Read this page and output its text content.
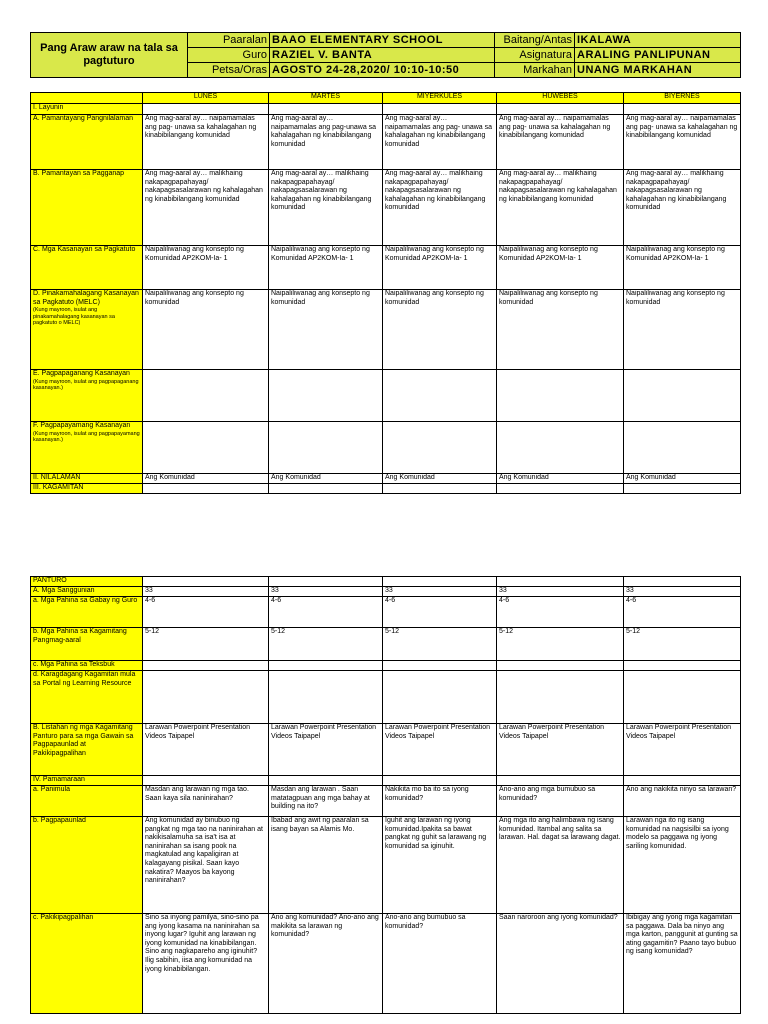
Pang Araw araw na tala sa pagtuturo	Paaralan	BAAO ELEMENTARY SCHOOL	Baitang/Antas	IKALAWA
	Guro	RAZIEL V. BANTA	Asignatura	ARALING PANLIPUNAN
	Petsa/Oras	AGOSTO 24-28,2020/ 10:10-10:50	Markahan	UNANG MARKAHAN
	LUNES	MARTES	MIYERKULES	HUWEBES	BIYERNES
I. Layunin					
A. Pamantayang Pangnilalaman	Ang mag-aaral ay… naipamamalas ang pag- unawa sa kahalagahan ng kinabibilangang komunidad	Ang mag-aaral ay… naipamamalas ang pag-unawa sa kahalagahan ng kinabibilangang komunidad	Ang mag-aaral ay… naipamamalas ang pag- unawa sa kahalagahan ng kinabibilangang komunidad	Ang mag-aaral ay… naipamamalas ang pag- unawa sa kahalagahan ng kinabibilangang komunidad	Ang mag-aaral ay… naipamamalas ang pag- unawa sa kahalagahan ng kinabibilangang komunidad
B. Pamantayan sa Pagganap	Ang mag-aaral ay… malikhaing nakapagpapahayag/ nakapagsasalarawan ng kahalagahan ng kinabibilangang komunidad	Ang mag-aaral ay… malikhaing nakapagpapahayag/ nakapagsasalarawan ng kahalagahan ng kinabibilangang komunidad	Ang mag-aaral ay… malikhaing nakapagpapahayag/ nakapagsasalarawan ng kahalagahan ng kinabibilangang komunidad	Ang mag-aaral ay… malikhaing nakapagpapahayag/ nakapagsasalarawan ng kahalagahan ng kinabibilangang komunidad	Ang mag-aaral ay… malikhaing nakapagpapahayag/ nakapagsasalarawan ng kahalagahan ng kinabibilangang komunidad
C. Mga Kasanayan sa Pagkatuto	Naipaliliwanag ang konsepto ng Komunidad AP2KOM-Ia- 1	Naipaliliwanag ang konsepto ng Komunidad AP2KOM-Ia- 1	Naipaliliwanag ang konsepto ng Komunidad AP2KOM-Ia- 1	Naipaliliwanag ang konsepto ng Komunidad AP2KOM-Ia- 1	Naipaliliwanag ang konsepto ng Komunidad AP2KOM-Ia- 1
D. Pinakamahalagang Kasanayan sa Pagkatuto (MELC)
(Kung mayroon, isulat ang pinakamahalagang kasanayan sa pagkatuto o MELC)	Naipaliliwanag ang konsepto ng komunidad	Naipaliliwanag ang konsepto ng komunidad	Naipaliliwanag ang konsepto ng komunidad	Naipaliliwanag ang konsepto ng komunidad	Naipaliliwanag ang konsepto ng komunidad
E. Pagpapaganang Kasanayan
(Kung mayroon, isulat ang pagpapaganang kasanayan.)					

F. Pagpapayamang Kasanayan
(Kung mayroon, isulat ang pagpapayamang kasanayan.)					

II. NILALAMAN	Ang Komunidad	Ang Komunidad	Ang Komunidad	Ang Komunidad	Ang Komunidad
III. KAGAMITAN					
PANTURO					
A. Mga Sanggunian	33	33	33	33	33
a. Mga Pahina sa Gabay ng Guro	4-6	4-6	4-6	4-6	4-6
b. Mga Pahina sa Kagamitang Pangmag-aaral	5-12	5-12	5-12	5-12	5-12
c. Mga Pahina sa Teksbuk					
d. Karagdagang Kagamitan mula sa Portal ng Learning Resource					
B. Listahan ng mga Kagamitang Panturo para sa mga Gawain sa Pagpapaunlad at Pakikipagpalihan	Larawan Powerpoint Presentation Videos Taipapel	Larawan Powerpoint Presentation Videos Taipapel	Larawan Powerpoint Presentation Videos Taipapel	Larawan Powerpoint Presentation Videos Taipapel	Larawan Powerpoint Presentation Videos Taipapel
IV. Pamamaraan					
a. Panimula	Masdan ang larawan ng mga tao. Saan kaya sila naninirahan?	Masdan ang larawan . Saan matatagpuan ang mga bahay at building na ito?	Nakikita mo ba ito sa iyong komunidad?	Ano-ano ang mga bumubuo sa komunidad?	Ano ang nakikita ninyo sa larawan?
b. Pagpapaunlad	Ang komunidad ay binubuo ng pangkat ng mga tao na naninirahan at nakikisalamuha sa isa't isa at naninirahan sa isang pook na magkatulad ang kapaligiran at kalagayang pisikal. Saan kayo nakatira? Maayos ba kayong naninirahan?	Ibabad ang awit ng paaralan sa isang bayan sa Alamis Mo.	Iguhit ang larawan ng iyong komunidad.Ipakita sa bawat pangkat ng guhit sa larawang ng komunidad sa iginuhit.	Ang mga ito ang halimbawa ng isang komunidad. Itambal ang salita sa larawan. Hal. dagat sa larawang dagat.	Larawan nga ito ng isang komunidad na nagsisilbi sa iyong modelo sa paggawa ng iyong sariling komunidad.
c. Pakikipagpalihan	Sino sa inyong pamilya, sino-sino pa ang iyong kasama na naninirahan sa inyong lugar? Iguhit ang larawan ng iyong komunidad na kinabibilangan. Sino ang nagkapareho ang iginuhit? Ilig sabihin, iisa ang komunidad na iyong kinabibilangan.	Ano ang komunidad? Ano-ano ang makikita sa larawan ng komunidad?	Ano-ano ang bumubuo sa komunidad?	Saan naroroon ang iyong komunidad?	Ibibigay ang iyong mga kagamitan sa paggawa. Dala ba ninyo ang mga karton, panggunit at gunting sa ating gagamitin? Paano tayo bubuo ng isang komunidad?
